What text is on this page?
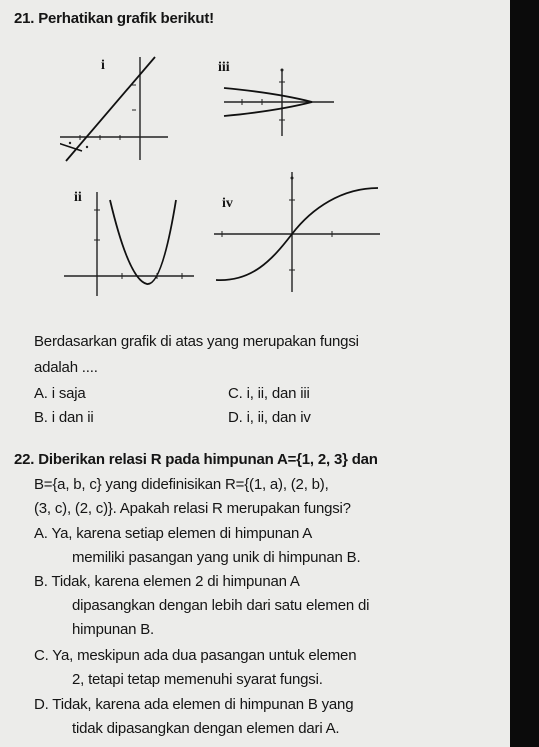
21. Perhatikan grafik berikut!
i	iii
ii	iv
Berdasarkan grafik di atas yang merupakan fungsi
adalah ....
A. i saja	C. i, ii, dan iii
B. i dan ii	D. i, ii, dan iv
22. Diberikan relasi R pada himpunan A={1, 2, 3} dan
B={a, b, c} yang didefinisikan R={(1, a), (2, b),
(3, c), (2, c)}. Apakah relasi R merupakan fungsi?
A. Ya, karena setiap elemen di himpunan A
memiliki pasangan yang unik di himpunan B.
B. Tidak, karena elemen 2 di himpunan A
dipasangkan dengan lebih dari satu elemen di
himpunan B.
C. Ya, meskipun ada dua pasangan untuk elemen
2, tetapi tetap memenuhi syarat fungsi.
D. Tidak, karena ada elemen di himpunan B yang
tidak dipasangkan dengan elemen dari A.
